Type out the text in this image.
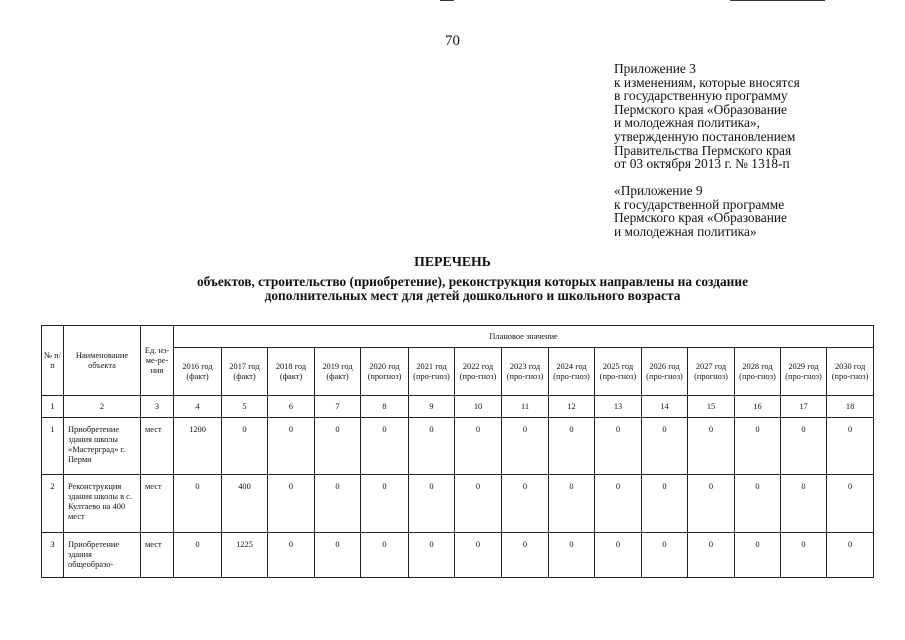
70
Приложение 3
к изменениям, которые вносятся
в государственную программу
Пермского края «Образование
и молодежная политика»,
утвержденную постановлением
Правительства Пермского края
от 03 октября 2013 г. № 1318-п
«Приложение 9
к государственной программе
Пермского края «Образование
и молодежная политика»
ПЕРЕЧЕНЬ
объектов, строительство (приобретение), реконструкция которых направлены на создание
дополнительных мест для детей дошкольного и школьного возраста
№ п/п	Наименование объекта	Ед. из-ме-ре-ния	Плановое значение														
			2016 год (факт)	2017 год (факт)	2018 год (факт)	2019 год (факт)	2020 год (прогноз)	2021 год (про-гноз)	2022 год (про-гноз)	2023 год (про-гноз)	2024 год (про-гноз)	2025 год (про-гноз)	2026 год (про-гноз)	2027 год (прогноз)	2028 год (про-гноз)	2029 год (про-гноз)	2030 год (про-гноз)
1	2	3	4	5	6	7	8	9	10	11	12	13	14	15	16	17	18
1	Приобретение здания школы «Мастерград» г. Перми	мест	1200	0	0	0	0	0	0	0	0	0	0	0	0	0	0
2	Реконструкция здания школы в с. Култаево на 400 мест	мест	0	400	0	0	0	0	0	0	0	0	0	0	0	0	0
3	Приобретение здания общеобразо-	мест	0	1225	0	0	0	0	0	0	0	0	0	0	0	0	0
